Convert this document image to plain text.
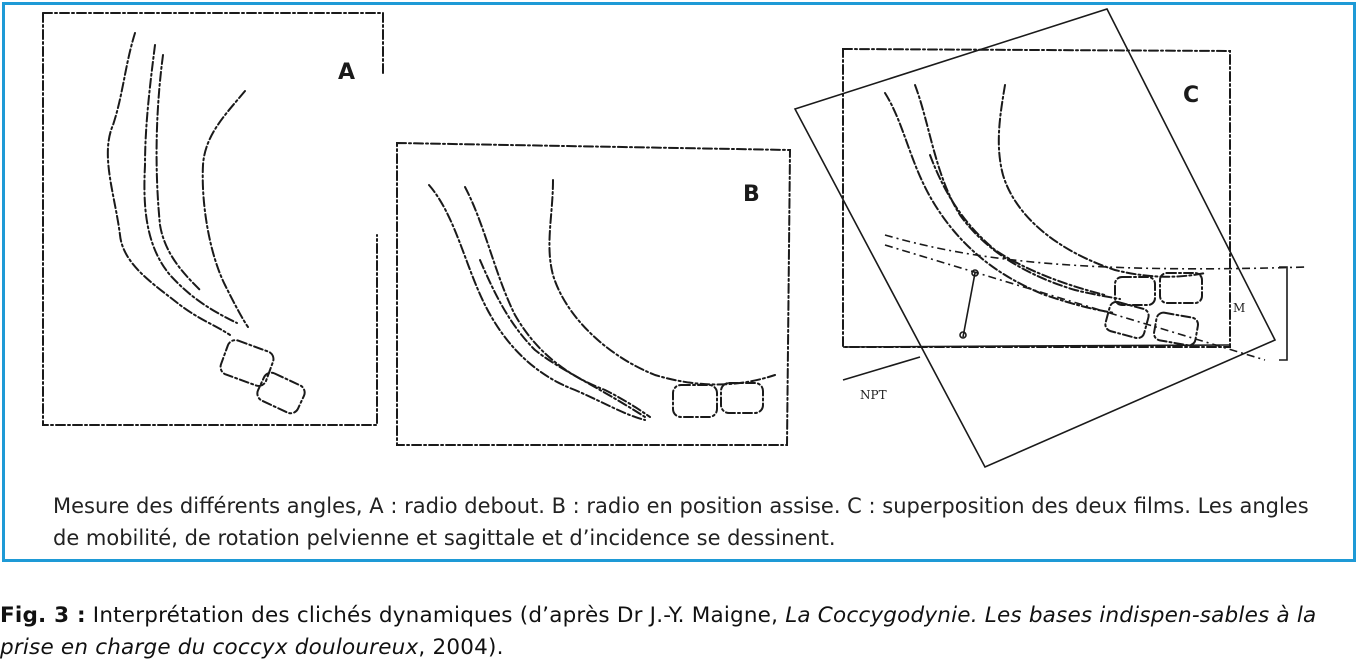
A
B
C
M
NPT
Mesure des différents angles, A : radio debout. B : radio en position assise. C : superposition des deux films. Les angles de mobilité, de rotation pelvienne et sagittale et d’incidence se dessinent.
Fig. 3 : Interprétation des clichés dynamiques (d’après Dr J.-Y. Maigne, La Coccygodynie. Les bases indispen-sables à la prise en charge du coccyx douloureux, 2004).
